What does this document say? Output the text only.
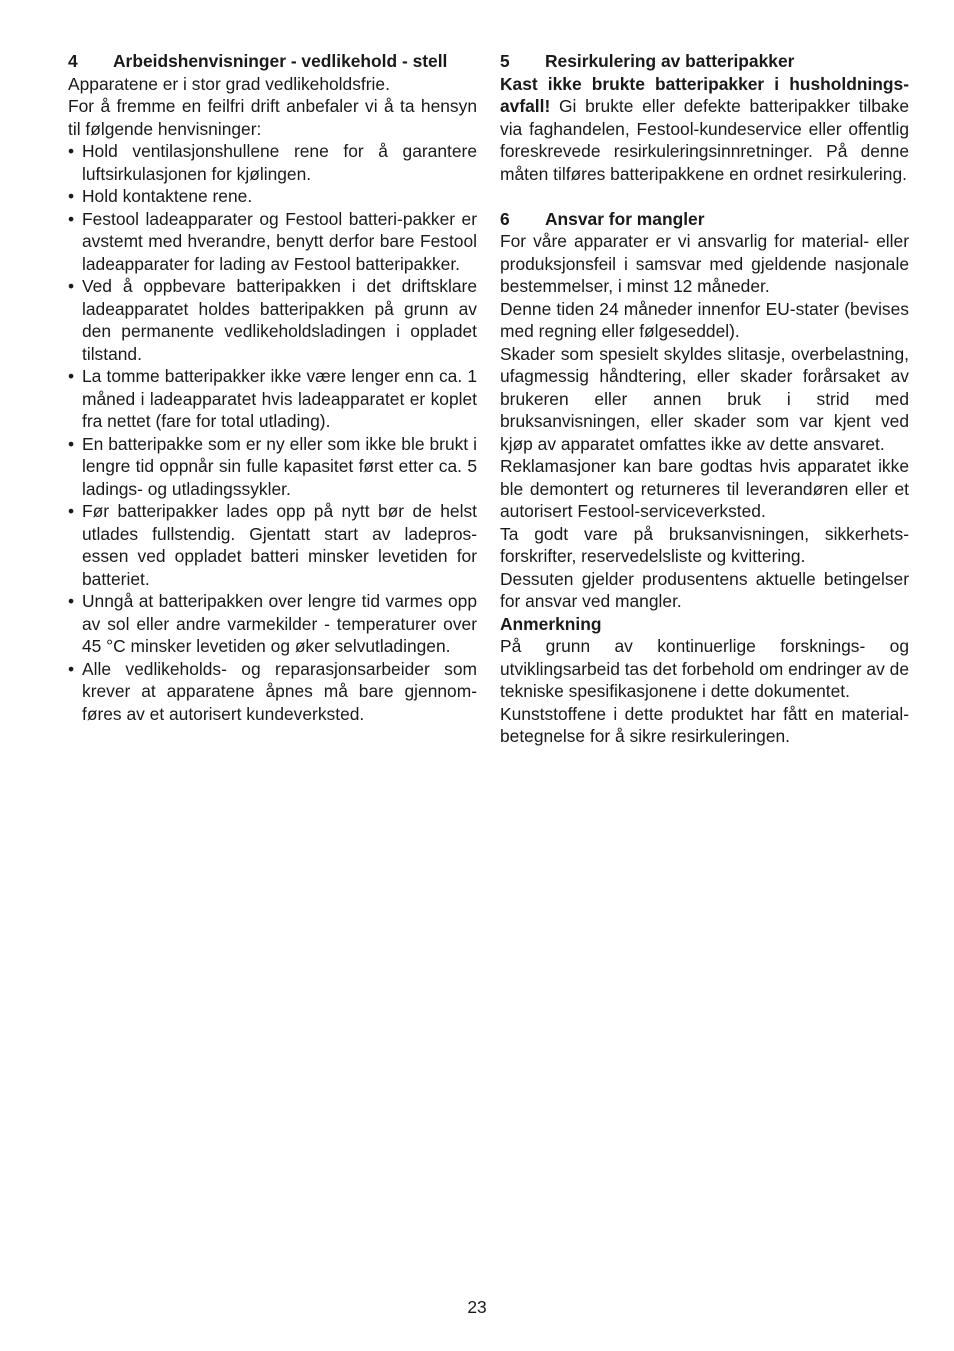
4	Arbeidshenvisninger - vedlikehold - stell

Apparatene er i stor grad vedlikeholdsfrie.

For å fremme en feilfri drift anbefaler vi å ta hensyn til følgende henvisninger:

• Hold ventilasjonshullene rene for å garantere luftsirkulasjonen for kjølingen.
• Hold kontaktene rene.
• Festool ladeapparater og Festool batteri-pakker er avstemt med hverandre, benytt derfor bare Festool ladeapparater for lading av Festool batteripakker.
• Ved å oppbevare batteripakken i det driftsklare ladeapparatet holdes batteripakken på grunn av den permanente vedlikeholdsladingen i oppladet tilstand.
• La tomme batteripakker ikke være lenger enn ca. 1 måned i ladeapparatet hvis ladeapparatet er koplet fra nettet (fare for total utlading).
• En batteripakke som er ny eller som ikke ble brukt i lengre tid oppnår sin fulle kapasitet først etter ca. 5 ladings- og utladingssykler.
• Før batteripakker lades opp på nytt bør de helst utlades fullstendig. Gjentatt start av ladepros-essen ved oppladet batteri minsker levetiden for batteriet.
• Unngå at batteripakken over lengre tid varmes opp av sol eller andre varmekilder - temperaturer over 45 °C minsker levetiden og øker selvutladingen.
• Alle vedlikeholds- og reparasjonsarbeider som krever at apparatene åpnes må bare gjennom-føres av et autorisert kundeverksted.
5	Resirkulering av batteripakker

Kast ikke brukte batteripakker i husholdnings-avfall! Gi brukte eller defekte batteripakker tilbake via faghandelen, Festool-kundeservice eller offentlig foreskrevede resirkuleringsinnretninger. På denne måten tilføres batteripakkene en ordnet resirkulering.

6	Ansvar for mangler

For våre apparater er vi ansvarlig for material- eller produksjonsfeil i samsvar med gjeldende nasjonale bestemmelser, i minst 12 måneder.

Denne tiden 24 måneder innenfor EU-stater (bevises med regning eller følgeseddel).

Skader som spesielt skyldes slitasje, overbelastning, ufagmessig håndtering, eller skader forårsaket av brukeren eller annen bruk i strid med bruksanvisningen, eller skader som var kjent ved kjøp av apparatet omfattes ikke av dette ansvaret.

Reklamasjoner kan bare godtas hvis apparatet ikke ble demontert og returneres til leverandøren eller et autorisert Festool-serviceverksted.

Ta godt vare på bruksanvisningen, sikkerhets-forskrifter, reservedelsliste og kvittering.

Dessuten gjelder produsentens aktuelle betingelser for ansvar ved mangler.

Anmerkning

På grunn av kontinuerlige forsknings- og utviklingsarbeid tas det forbehold om endringer av de tekniske spesifikasjonene i dette dokumentet.

Kunststoffene i dette produktet har fått en material-betegnelse for å sikre resirkuleringen.

23
